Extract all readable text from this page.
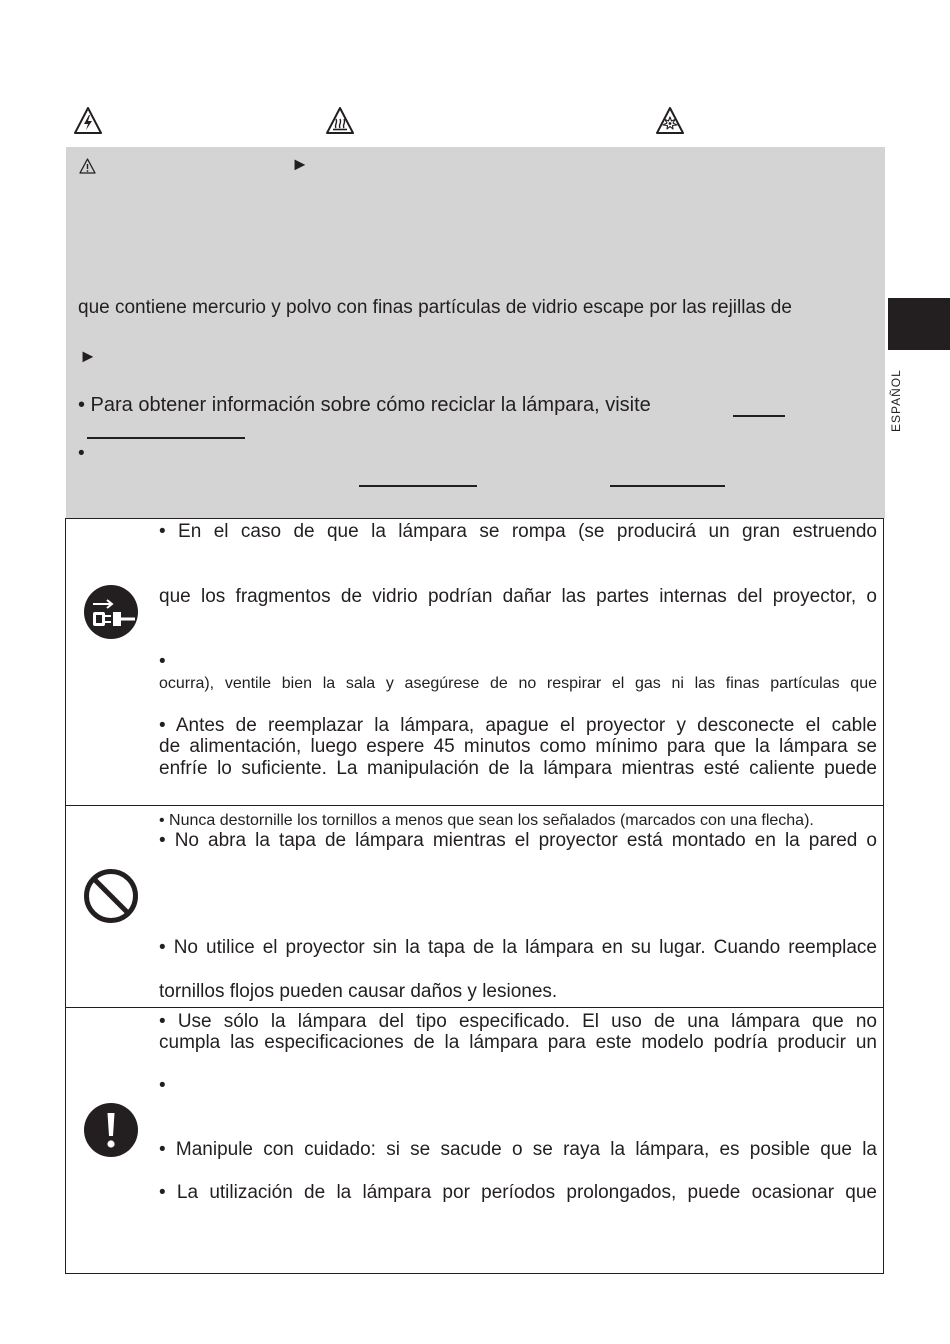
►
que contiene mercurio y polvo con finas partículas de vidrio escape por las rejillas de
►
• Para obtener información sobre cómo reciclar la lámpara, visite
•
ESPAÑOL
• En el caso de que la lámpara se rompa (se producirá un gran estruendo
que los fragmentos de vidrio podrían dañar las partes internas del proyector, o
•
ocurra), ventile bien la sala y asegúrese de no respirar el gas ni las finas partículas que
• Antes de reemplazar la lámpara, apague el proyector y desconecte el cable
de alimentación, luego espere 45 minutos como mínimo para que la lámpara se
enfríe lo suficiente. La manipulación de la lámpara mientras esté caliente puede
• Nunca destornille los tornillos a menos que sean los señalados (marcados con una flecha).
• No abra la tapa de lámpara mientras el proyector está montado en la pared o
• No utilice el proyector sin la tapa de la lámpara en su lugar. Cuando reemplace
tornillos flojos pueden causar daños y lesiones.
• Use sólo la lámpara del tipo especificado. El uso de una lámpara que no
cumpla las especificaciones de la lámpara para este modelo podría producir un
•
• Manipule con cuidado: si se sacude o se raya la lámpara, es posible que la
• La utilización de la lámpara por períodos prolongados, puede ocasionar que
